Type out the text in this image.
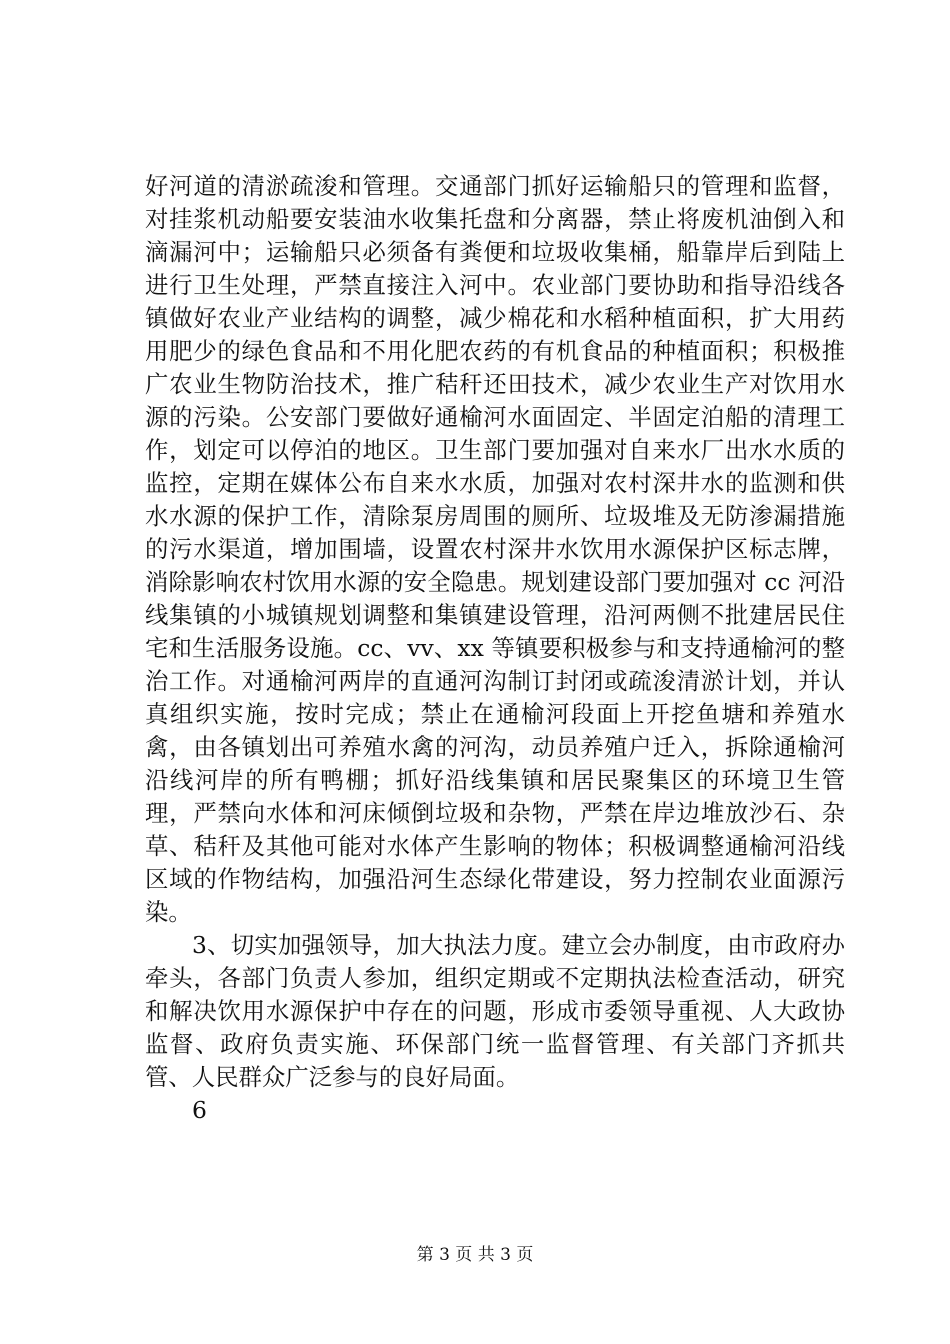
好河道的清淤疏浚和管理。交通部门抓好运输船只的管理和监督，对挂浆机动船要安装油水收集托盘和分离器，禁止将废机油倒入和滴漏河中；运输船只必须备有粪便和垃圾收集桶，船靠岸后到陆上进行卫生处理，严禁直接注入河中。农业部门要协助和指导沿线各镇做好农业产业结构的调整，减少棉花和水稻种植面积，扩大用药用肥少的绿色食品和不用化肥农药的有机食品的种植面积；积极推广农业生物防治技术，推广秸秆还田技术，减少农业生产对饮用水源的污染。公安部门要做好通榆河水面固定、半固定泊船的清理工作，划定可以停泊的地区。卫生部门要加强对自来水厂出水水质的监控，定期在媒体公布自来水水质，加强对农村深井水的监测和供水水源的保护工作，清除泵房周围的厕所、垃圾堆及无防渗漏措施的污水渠道，增加围墙，设置农村深井水饮用水源保护区标志牌，消除影响农村饮用水源的安全隐患。规划建设部门要加强对 cc 河沿线集镇的小城镇规划调整和集镇建设管理，沿河两侧不批建居民住宅和生活服务设施。cc、vv、xx 等镇要积极参与和支持通榆河的整治工作。对通榆河两岸的直通河沟制订封闭或疏浚清淤计划，并认真组织实施，按时完成；禁止在通榆河段面上开挖鱼塘和养殖水禽，由各镇划出可养殖水禽的河沟，动员养殖户迁入，拆除通榆河沿线河岸的所有鸭棚；抓好沿线集镇和居民聚集区的环境卫生管理，严禁向水体和河床倾倒垃圾和杂物，严禁在岸边堆放沙石、杂草、秸秆及其他可能对水体产生影响的物体；积极调整通榆河沿线区域的作物结构，加强沿河生态绿化带建设，努力控制农业面源污染。

3、切实加强领导，加大执法力度。建立会办制度，由市政府办牵头，各部门负责人参加，组织定期或不定期执法检查活动，研究和解决饮用水源保护中存在的问题，形成市委领导重视、人大政协监督、政府负责实施、环保部门统一监督管理、有关部门齐抓共管、人民群众广泛参与的良好局面。

6

第 3 页 共 3 页
